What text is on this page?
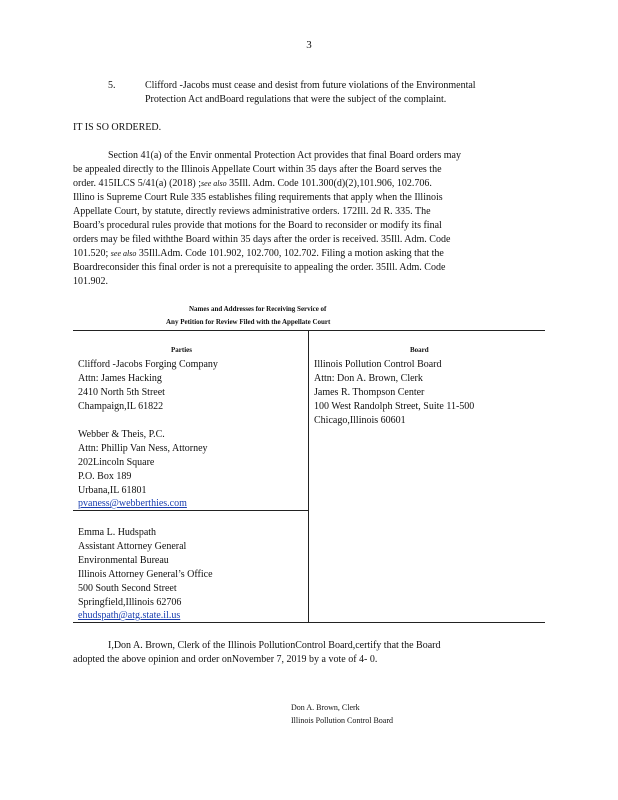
3
5.	Clifford -Jacobs must cease and desist from future violations of the Environmental
Protection Act andBoard regulations that were the subject of the complaint.
IT IS SO ORDERED.
Section 41(a) of the Envir onmental Protection Act provides that final Board orders may
be appealed directly to the Illinois Appellate Court within 35 days after the Board serves the
order. 415ILCS 5/41(a) (2018) ;see also 35Ill. Adm. Code 101.300(d)(2),101.906, 102.706.
Illino is Supreme Court Rule 335 establishes filing requirements that apply when the Illinois
Appellate Court, by statute, directly reviews administrative orders. 172Ill. 2d R. 335. The
Board’s procedural rules provide that motions for the Board to reconsider or modify its final
orders may be filed withthe Board within 35 days after the order is received. 35Ill. Adm. Code
101.520; see also 35Ill.Adm. Code 101.902, 102.700, 102.702. Filing a motion asking that the
Boardreconsider this final order is not a prerequisite to appealing the order. 35Ill. Adm. Code
101.902.
Names and Addresses for Receiving Service of
Any Petition for Review Filed with the Appellate Court
Parties	Board
Clifford -Jacobs Forging Company
Attn: James Hacking
2410 North 5th Street
Champaign,IL 61822
Webber & Theis, P.C.
Attn: Phillip Van Ness, Attorney
202Lincoln Square
P.O. Box 189
Urbana,IL 61801
pvaness@webberthies.com
Emma L. Hudspath
Assistant Attorney General
Environmental Bureau
Illinois Attorney General’s Office
500 South Second Street
Springfield,Illinois 62706
ehudspath@atg.state.il.us
Illinois Pollution Control Board
Attn: Don A. Brown, Clerk
James R. Thompson Center
100 West Randolph Street, Suite 11-500
Chicago,Illinois 60601
I,Don A. Brown, Clerk of the Illinois PollutionControl Board,certify that the Board
adopted the above opinion and order onNovember 7, 2019 by a vote of 4- 0.
Don A. Brown, Clerk
Illinois Pollution Control Board
